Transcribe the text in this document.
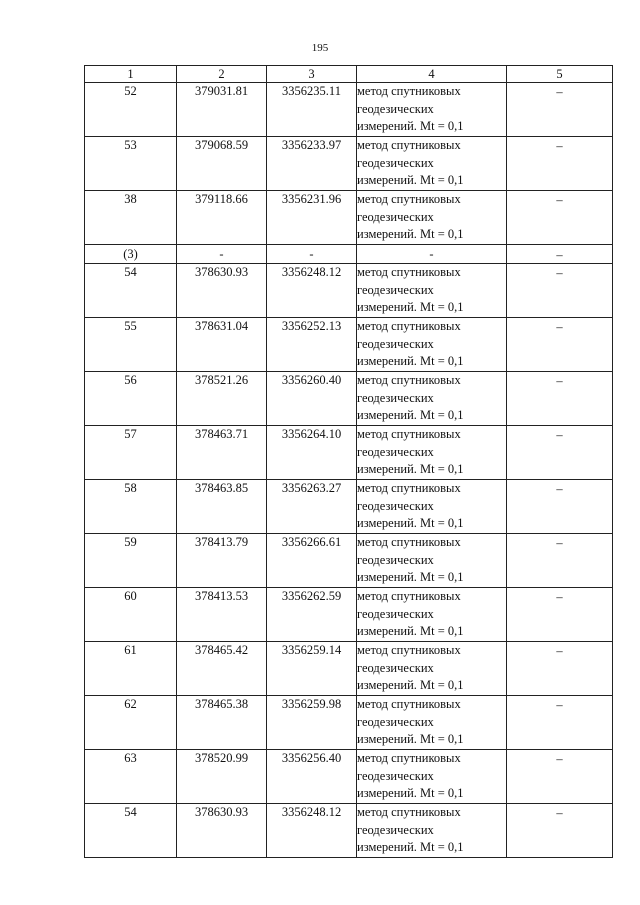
195
1	2	3	4	5
52	379031.81	3356235.11	метод спутниковых
геодезических
измерений. Mt = 0,1	–
53	379068.59	3356233.97	метод спутниковых
геодезических
измерений. Mt = 0,1	–
38	379118.66	3356231.96	метод спутниковых
геодезических
измерений. Mt = 0,1	–
(3)	-	-	-	–
54	378630.93	3356248.12	метод спутниковых
геодезических
измерений. Mt = 0,1	–
55	378631.04	3356252.13	метод спутниковых
геодезических
измерений. Mt = 0,1	–
56	378521.26	3356260.40	метод спутниковых
геодезических
измерений. Mt = 0,1	–
57	378463.71	3356264.10	метод спутниковых
геодезических
измерений. Mt = 0,1	–
58	378463.85	3356263.27	метод спутниковых
геодезических
измерений. Mt = 0,1	–
59	378413.79	3356266.61	метод спутниковых
геодезических
измерений. Mt = 0,1	–
60	378413.53	3356262.59	метод спутниковых
геодезических
измерений. Mt = 0,1	–
61	378465.42	3356259.14	метод спутниковых
геодезических
измерений. Mt = 0,1	–
62	378465.38	3356259.98	метод спутниковых
геодезических
измерений. Mt = 0,1	–
63	378520.99	3356256.40	метод спутниковых
геодезических
измерений. Mt = 0,1	–
54	378630.93	3356248.12	метод спутниковых
геодезических
измерений. Mt = 0,1	–
